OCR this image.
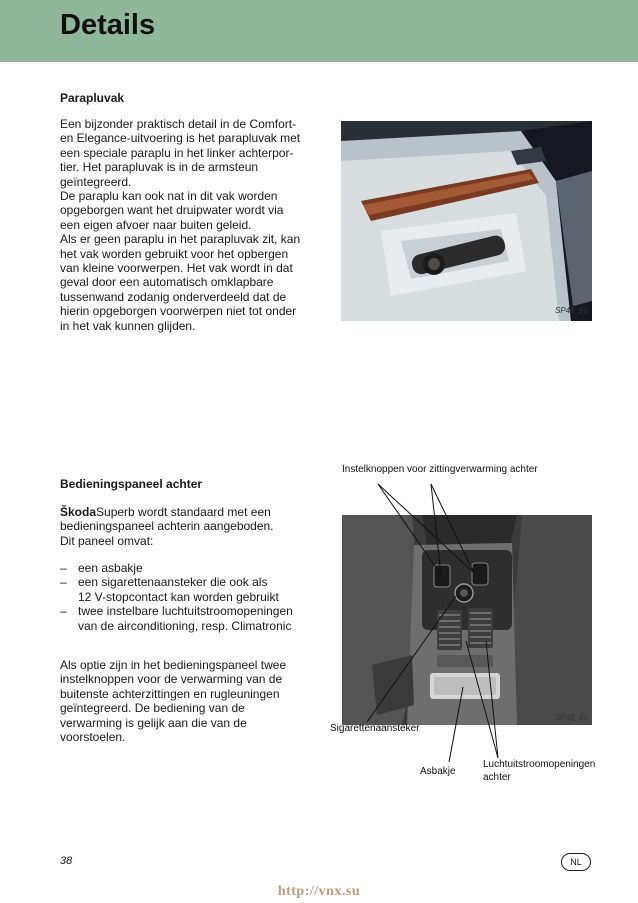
Details
Parapluvak
Een bijzonder praktisch detail in de Comfort-
en Elegance-uitvoering is het parapluvak met
een speciale paraplu in het linker achterpor-
tier. Het parapluvak is in de armsteun
geïntegreerd.
De paraplu kan ook nat in dit vak worden
opgeborgen want het druipwater wordt via
een eigen afvoer naar buiten geleid.
Als er geen paraplu in het parapluvak zit, kan
het vak worden gebruikt voor het opbergen
van kleine voorwerpen. Het vak wordt in dat
geval door een automatisch omklapbare
tussenwand zodanig onderverdeeld dat de
hierin opgeborgen voorwerpen niet tot onder
in het vak kunnen glijden.
SP46_66
Bedieningspaneel achter
ŠkodaSuperb wordt standaard met een
bedieningspaneel achterin aangeboden.
Dit paneel omvat:
– een asbakje
– een sigarettenaansteker die ook als
12 V-stopcontact kan worden gebruikt
– twee instelbare luchtuitstroomopeningen
van de airconditioning, resp. Climatronic
Als optie zijn in het bedieningspaneel twee
instelknoppen voor de verwarming van de
buitenste achterzittingen en rugleuningen
geïntegreerd. De bediening van de
verwarming is gelijk aan die van de
voorstoelen.
SP46_65
Instelknoppen voor zittingverwarming achter
Sigarettenaansteker
Asbakje
Luchtuitstroomopeningen
achter
38	NL
http://vnx.su
